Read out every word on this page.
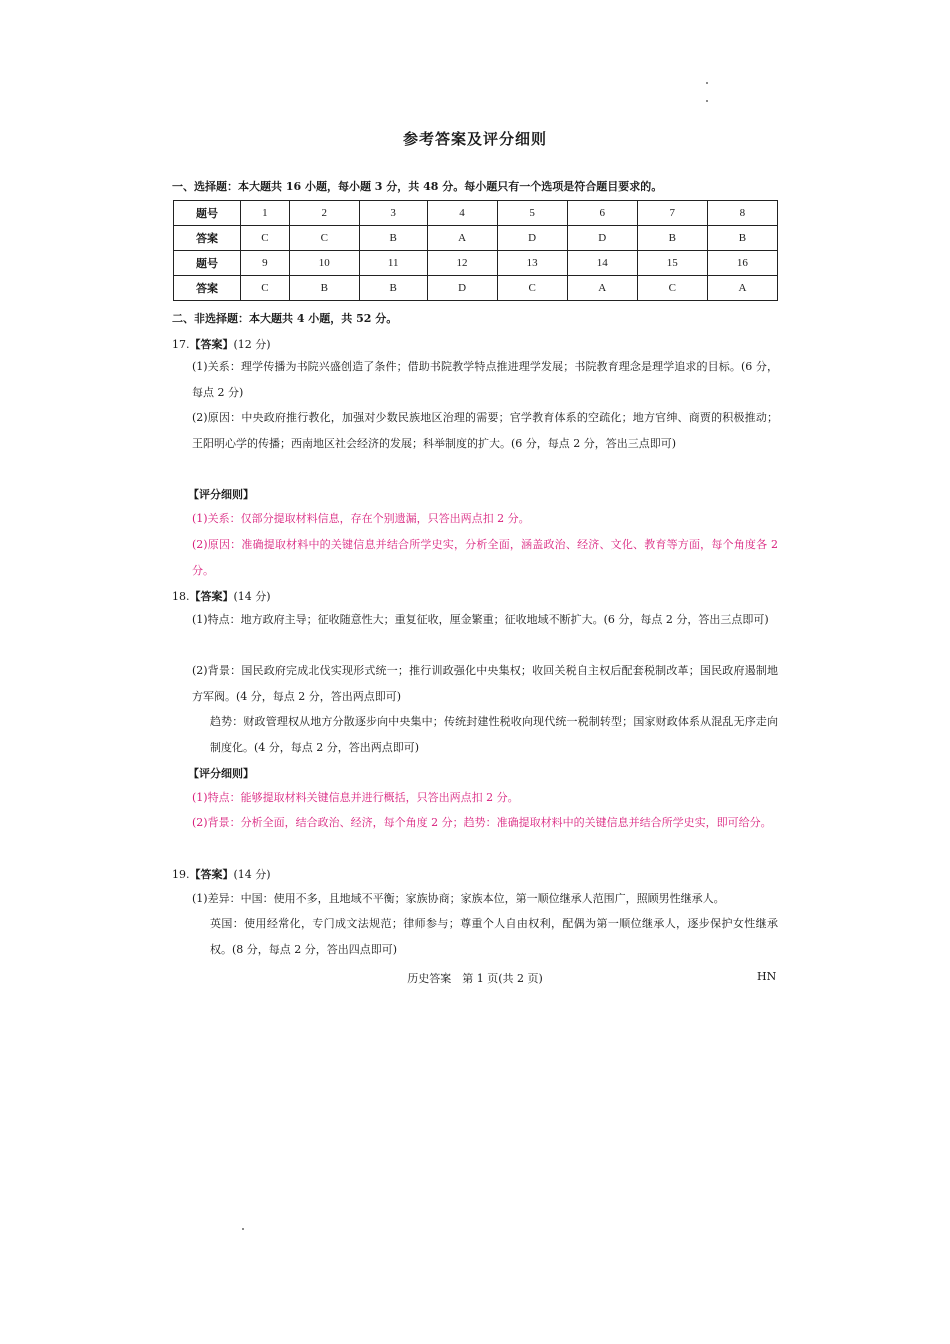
参考答案及评分细则
一、选择题：本大题共 16 小题，每小题 3 分，共 48 分。每小题只有一个选项是符合题目要求的。
题号	1	2	3	4	5	6	7	8
答案	C	C	B	A	D	D	B	B
题号	9	10	11	12	13	14	15	16
答案	C	B	B	D	C	A	C	A
二、非选择题：本大题共 4 小题，共 52 分。
17.【答案】(12 分)
(1)关系：理学传播为书院兴盛创造了条件；借助书院教学特点推进理学发展；书院教育理念是理学追求的目标。(6 分，每点 2 分)
(2)原因：中央政府推行教化，加强对少数民族地区治理的需要；官学教育体系的空疏化；地方官绅、商贾的积极推动；王阳明心学的传播；西南地区社会经济的发展；科举制度的扩大。(6 分，每点 2 分，答出三点即可)
【评分细则】
(1)关系：仅部分提取材料信息，存在个别遗漏，只答出两点扣 2 分。
(2)原因：准确提取材料中的关键信息并结合所学史实，分析全面，涵盖政治、经济、文化、教育等方面，每个角度各 2 分。
18.【答案】(14 分)
(1)特点：地方政府主导；征收随意性大；重复征收，厘金繁重；征收地域不断扩大。(6 分，每点 2 分，答出三点即可)
(2)背景：国民政府完成北伐实现形式统一；推行训政强化中央集权；收回关税自主权后配套税制改革；国民政府遏制地方军阀。(4 分，每点 2 分，答出两点即可)
趋势：财政管理权从地方分散逐步向中央集中；传统封建性税收向现代统一税制转型；国家财政体系从混乱无序走向制度化。(4 分，每点 2 分，答出两点即可)
【评分细则】
(1)特点：能够提取材料关键信息并进行概括，只答出两点扣 2 分。
(2)背景：分析全面，结合政治、经济，每个角度 2 分；趋势：准确提取材料中的关键信息并结合所学史实，即可给分。
19.【答案】(14 分)
(1)差异：中国：使用不多，且地域不平衡；家族协商；家族本位，第一顺位继承人范围广，照顾男性继承人。
英国：使用经常化，专门成文法规范；律师参与；尊重个人自由权利，配偶为第一顺位继承人，逐步保护女性继承权。(8 分，每点 2 分，答出四点即可)
历史答案　第 1 页(共 2 页)	HN
